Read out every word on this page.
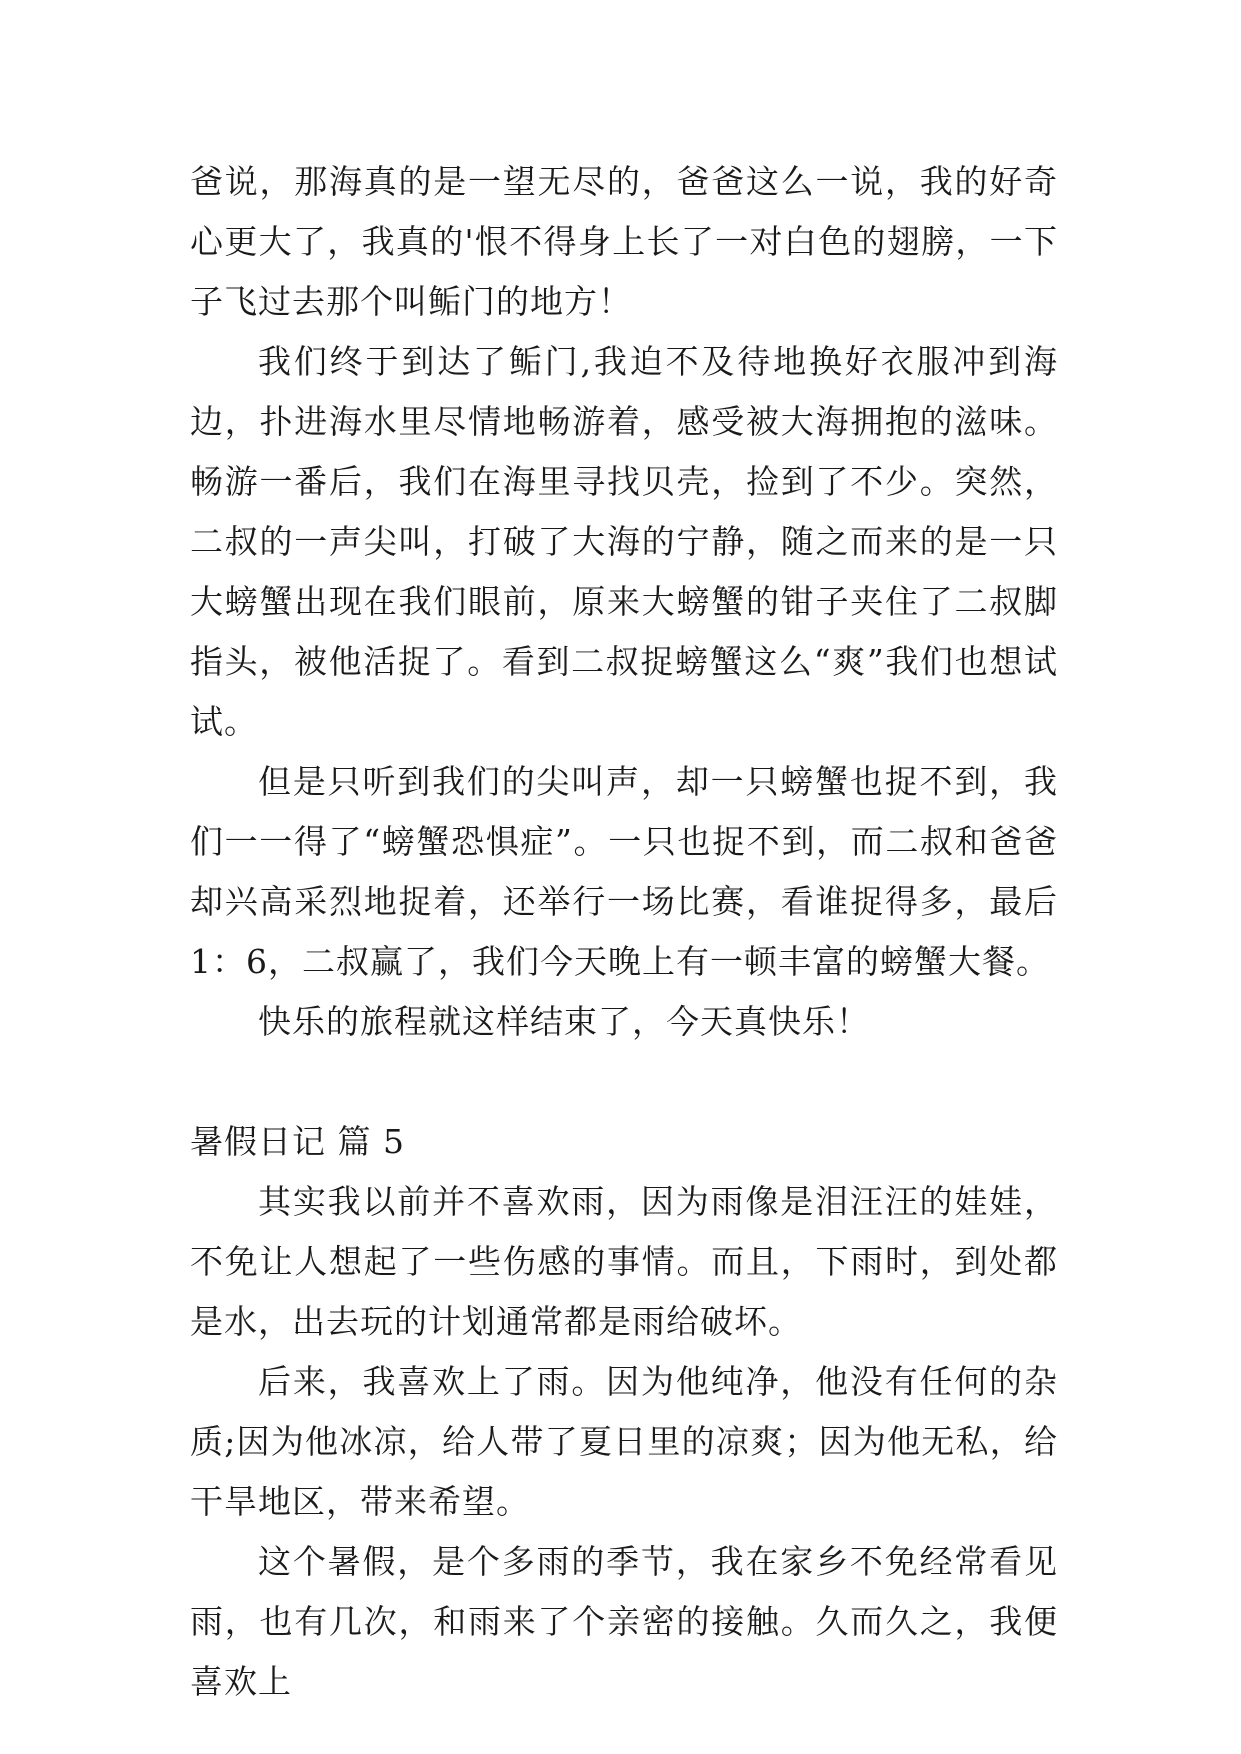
爸说，那海真的是一望无尽的，爸爸这么一说，我的好奇心更大了，我真的'恨不得身上长了一对白色的翅膀，一下子飞过去那个叫鲘门的地方！

我们终于到达了鲘门,我迫不及待地换好衣服冲到海边，扑进海水里尽情地畅游着，感受被大海拥抱的滋味。畅游一番后，我们在海里寻找贝壳，捡到了不少。突然，二叔的一声尖叫，打破了大海的宁静，随之而来的是一只大螃蟹出现在我们眼前，原来大螃蟹的钳子夹住了二叔脚指头，被他活捉了。看到二叔捉螃蟹这么“爽”我们也想试试。

但是只听到我们的尖叫声，却一只螃蟹也捉不到，我们一一得了“螃蟹恐惧症”。一只也捉不到，而二叔和爸爸却兴高采烈地捉着，还举行一场比赛，看谁捉得多，最后 1：6，二叔赢了，我们今天晚上有一顿丰富的螃蟹大餐。

快乐的旅程就这样结束了，今天真快乐！

暑假日记 篇 5

其实我以前并不喜欢雨，因为雨像是泪汪汪的娃娃，不免让人想起了一些伤感的事情。而且，下雨时，到处都是水，出去玩的计划通常都是雨给破坏。

后来，我喜欢上了雨。因为他纯净，他没有任何的杂质;因为他冰凉，给人带了夏日里的凉爽；因为他无私，给干旱地区，带来希望。

这个暑假，是个多雨的季节，我在家乡不免经常看见雨，也有几次，和雨来了个亲密的接触。久而久之，我便喜欢上
